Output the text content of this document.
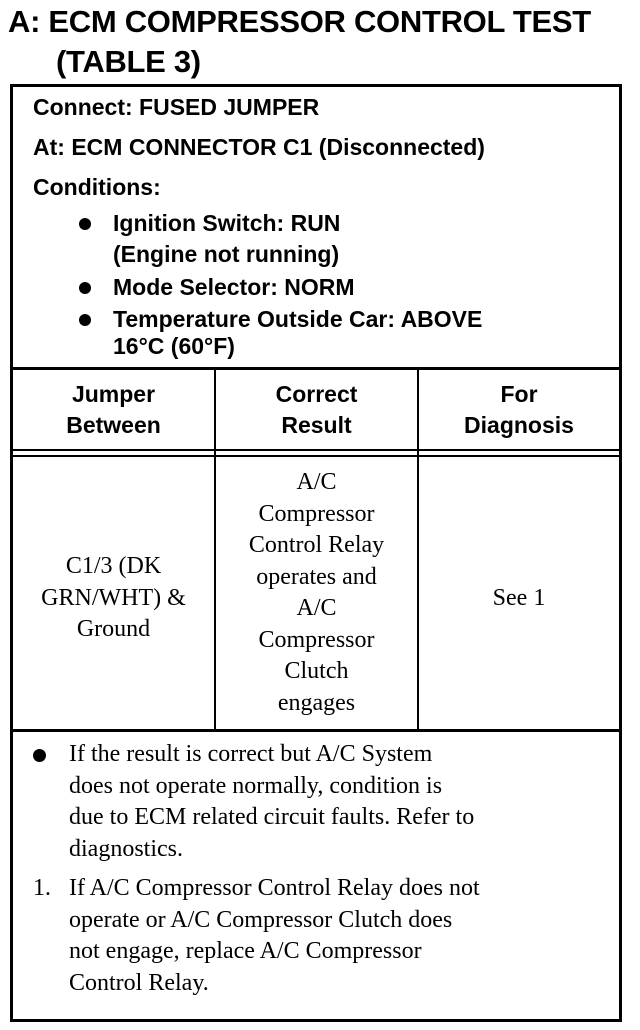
A: ECM COMPRESSOR CONTROL TEST
(TABLE 3)
Connect: FUSED JUMPER
At: ECM CONNECTOR C1 (Disconnected)
Conditions:
Ignition Switch: RUN
(Engine not running)
Mode Selector: NORM
Temperature Outside Car: ABOVE
16°C (60°F)
Jumper
Between
Correct
Result
For
Diagnosis
C1/3 (DK
GRN/WHT) &
Ground
A/C
Compressor
Control Relay
operates and
A/C
Compressor
Clutch
engages
See 1
If the result is correct but A/C System
does not operate normally, condition is
due to ECM related circuit faults. Refer to
diagnostics.
1. If A/C Compressor Control Relay does not
operate or A/C Compressor Clutch does
not engage, replace A/C Compressor
Control Relay.
